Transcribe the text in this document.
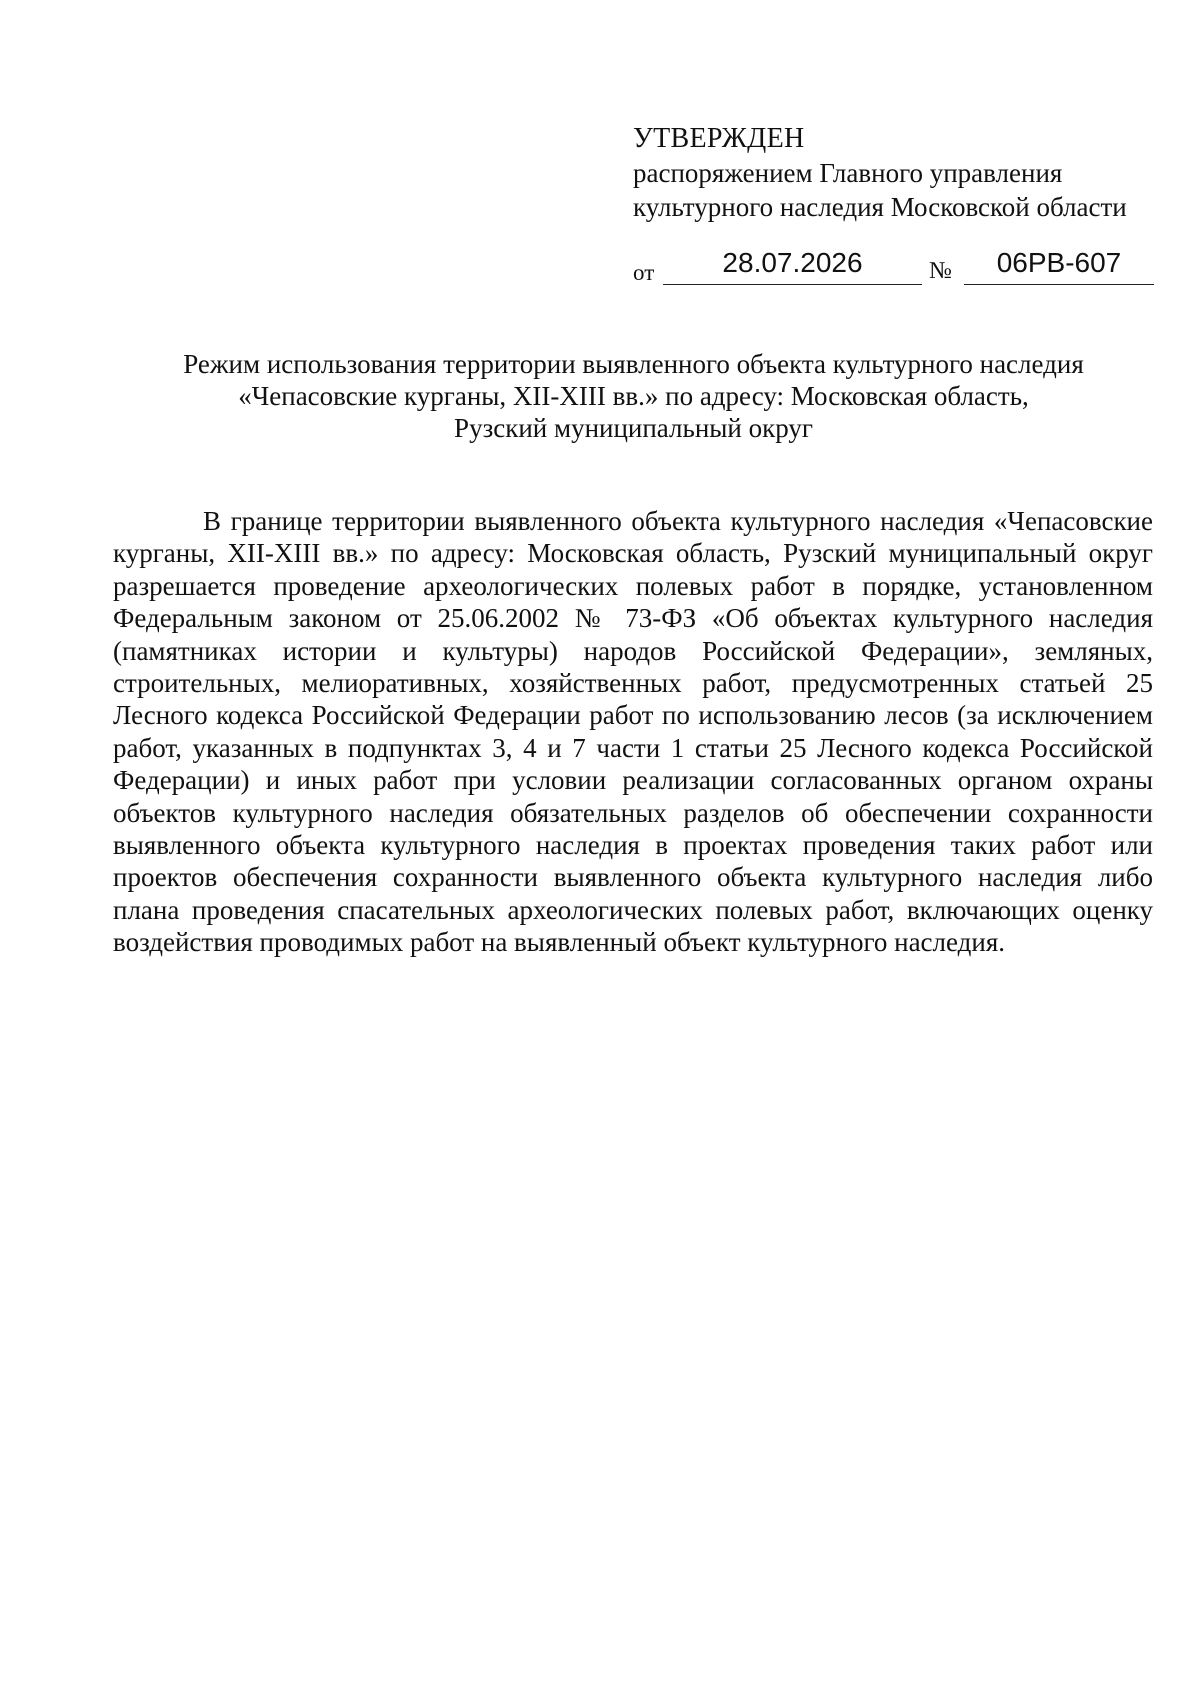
УТВЕРЖДЕН
распоряжением Главного управления
культурного наследия Московской области
от	28.07.2026	№	06РВ-607
Режим использования территории выявленного объекта культурного наследия
«Чепасовские курганы, XII-XIII вв.» по адресу: Московская область,
Рузский муниципальный округ

В границе территории выявленного объекта культурного наследия «Чепасовские курганы, XII-XIII вв.» по адресу: Московская область, Рузский муниципальный округ разрешается проведение археологических полевых работ в порядке, установленном Федеральным законом от 25.06.2002 № 73-ФЗ «Об объектах культурного наследия (памятниках истории и культуры) народов Российской Федерации», земляных, строительных, мелиоративных, хозяйственных работ, предусмотренных статьей 25 Лесного кодекса Российской Федерации работ по использованию лесов (за исключением работ, указанных в подпунктах 3, 4 и 7 части 1 статьи 25 Лесного кодекса Российской Федерации) и иных работ при условии реализации согласованных органом охраны объектов культурного наследия обязательных разделов об обеспечении сохранности выявленного объекта культурного наследия в проектах проведения таких работ или проектов обеспечения сохранности выявленного объекта культурного наследия либо плана проведения спасательных археологических полевых работ, включающих оценку воздействия проводимых работ на выявленный объект культурного наследия.
